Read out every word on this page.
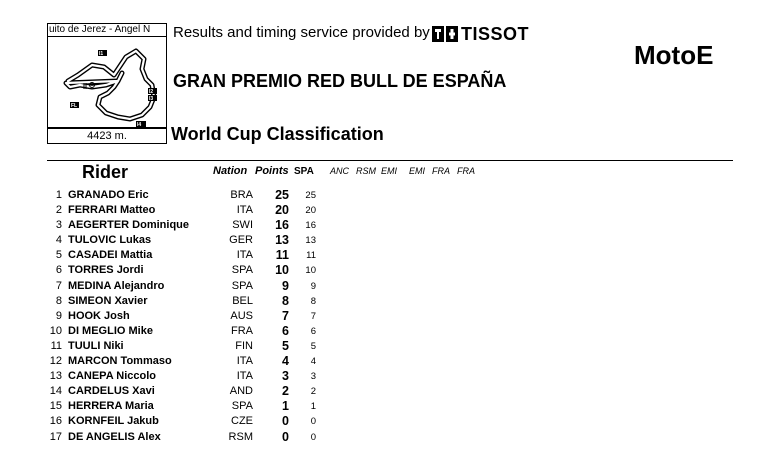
uito de Jerez - Angel N
I1
I2
I3
FL
I4
4423 m.
Results and timing service provided by TISSOT
MotoE
GRAN PREMIO RED BULL DE ESPAÑA
World Cup Classification
Rider	Nation Points SPA ANC RSM EMI EMI FRA FRA
1 GRANADO Eric	BRA	25	25
2 FERRARI Matteo	ITA	20	20
3 AEGERTER Dominique	SWI	16	16
4 TULOVIC Lukas	GER	13	13
5 CASADEI Mattia	ITA	11	11
6 TORRES Jordi	SPA	10	10
7 MEDINA Alejandro	SPA	9	9
8 SIMEON Xavier	BEL	8	8
9 HOOK Josh	AUS	7	7
10 DI MEGLIO Mike	FRA	6	6
11 TUULI Niki	FIN	5	5
12 MARCON Tommaso	ITA	4	4
13 CANEPA Niccolo	ITA	3	3
14 CARDELUS Xavi	AND	2	2
15 HERRERA Maria	SPA	1	1
16 KORNFEIL Jakub	CZE	0	0
17 DE ANGELIS Alex	RSM	0	0
